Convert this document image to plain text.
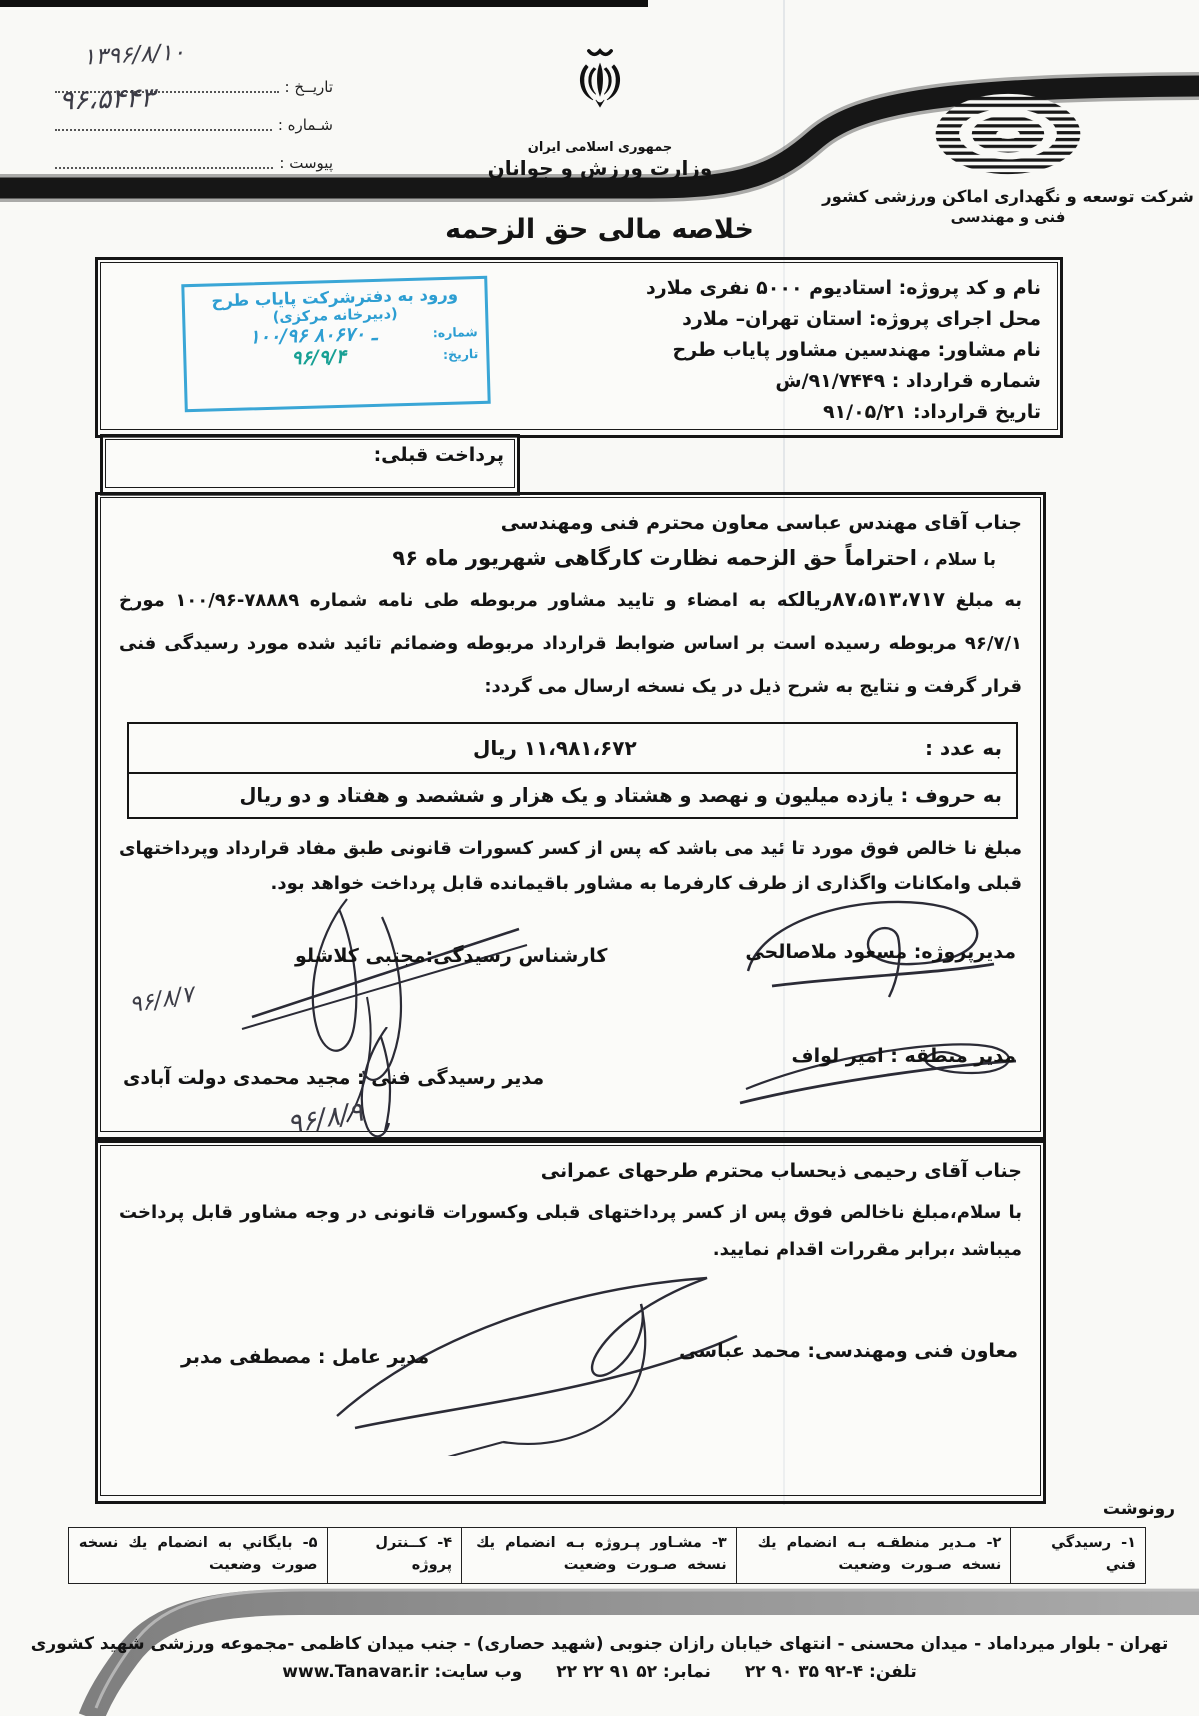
تاریــخ :
۱۳۹۶/۸/۱۰
شـماره :
۹۶،۵۴۴۳
پیوست :
جمهوری اسلامی ایران
وزارت ورزش و جوانان
شرکت توسعه و نگهداری اماکن ورزشی کشور
فنی و مهندسی
خلاصه مالی حق الزحمه
نام و کد پروژه: استادیوم ۵۰۰۰ نفری ملارد
محل اجرای پروژه: استان تهران– ملارد
نام مشاور: مهندسین مشاور پایاب طرح
شماره قرارداد : ۹۱/۷۴۴۹/ش
تاریخ قرارداد: ۹۱/۰۵/۲۱
ورود به دفترشرکت پایاب طرح
(دبیرخانه مرکزی)
شماره:
۱۰۰/۹۶ ـ ۸۰۶۷۰
تاریخ:
۹۶/۹/۴
پرداخت قبلی:
جناب آقای مهندس عباسی معاون محترم فنی ومهندسی
با سلام ، احتراماً حق الزحمه نظارت کارگاهی شهریور ماه ۹۶
به مبلغ ۸۷،۵۱۳،۷۱۷ریالکه به امضاء و تایید مشاور مربوطه طی نامه شماره ۷۸۸۸۹-۱۰۰/۹۶ مورخ ۹۶/۷/۱ مربوطه رسیده است بر اساس ضوابط قرارداد مربوطه وضمائم تائید شده مورد رسیدگی فنی قرار گرفت و نتایج به شرح ذیل در یک نسخه ارسال می گردد:
به عدد :
۱۱،۹۸۱،۶۷۲ ریال
به حروف : یازده میلیون و نهصد و هشتاد و یک هزار و ششصد و هفتاد و دو ریال
مبلغ نا خالص فوق مورد تا ئید می باشد که پس از کسر کسورات قانونی طبق مفاد قرارداد وپرداختهای قبلی وامکانات واگذاری از طرف کارفرما به مشاور باقیمانده قابل پرداخت خواهد بود.
مدیرپروژه: مسعود ملاصالحی
کارشناس رسیدگی:مجتبی کلاشلو
۹۶/۸/۷
مدیر منطقه : امیر لواف
مدیر رسیدگی فنی : مجید محمدی دولت آبادی
۹۶/۸/۹
جناب آقای رحیمی ذیحساب محترم طرحهای عمرانی
با سلام،مبلغ ناخالص فوق پس از کسر پرداختهای قبلی وکسورات قانونی در وجه مشاور قابل پرداخت میباشد ،برابر مقررات اقدام نمایید.
معاون فنی ومهندسی: محمد عباسی
مدیر عامل : مصطفی مدبر
رونوشت
۱- رسیدگي فني	۲- مـدیر منطقـه بـه انضمام یك نسخه صـورت وضعیت	۳- مشـاور پـروژه بـه انضمام یك نسخه صـورت وضعیت	۴- کــنترل پروژه	۵- بایگاني به انضمام یك نسخه صورت وضعیت
تهران - بلوار میرداماد - میدان محسنی - انتهای خیابان رازان جنوبی (شهید حصاری) - جنب میدان کاظمی -مجموعه ورزشی شهید کشوری
تلفن: ۴-۹۲ ۳۵ ۹۰ ۲۲
نمابر: ۵۲ ۹۱ ۲۲ ۲۲
وب سایت: www.Tanavar.ir
